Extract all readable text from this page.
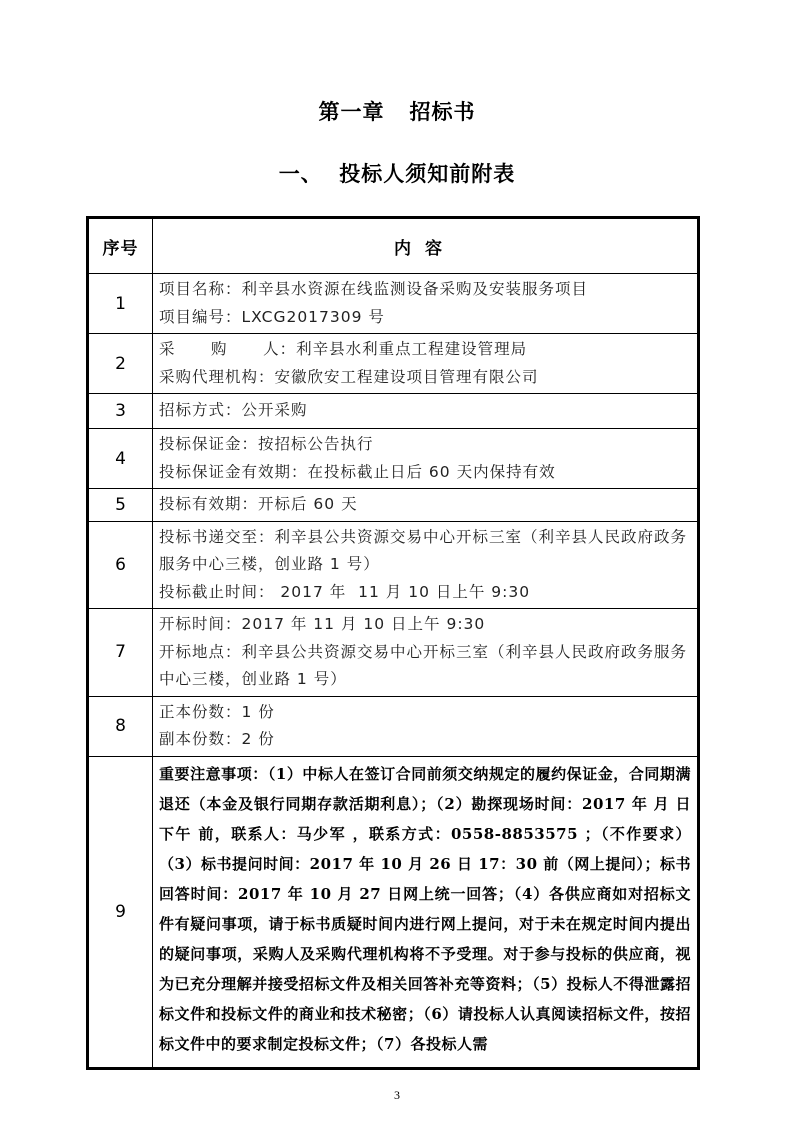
第一章   招标书
一、  投标人须知前附表
序号	内容
1	项目名称：利辛县水资源在线监测设备采购及安装服务项目
项目编号：LXCG2017309 号

2	采      购      人：利辛县水利重点工程建设管理局
采购代理机构：安徽欣安工程建设项目管理有限公司

3	招标方式：公开采购

4	投标保证金：按招标公告执行
投标保证金有效期：在投标截止日后 60 天内保持有效

5	投标有效期：开标后 60 天

6	投标书递交至：利辛县公共资源交易中心开标三室（利辛县人民政府政务服务中心三楼，创业路 1 号）
投标截止时间： 2017 年  11 月 10 日上午 9:30

7	开标时间：2017 年 11 月 10 日上午 9:30
开标地点：利辛县公共资源交易中心开标三室（利辛县人民政府政务服务中心三楼，创业路 1 号）

8	正本份数：1 份
副本份数：2 份

9	重要注意事项：（1）中标人在签订合同前须交纳规定的履约保证金，合同期满退还（本金及银行同期存款活期利息）；（2）勘探现场时间：2017 年 月 日下午 前，联系人：马少军 ，联系方式：0558-8853575 ；（不作要求）（3）标书提问时间：2017 年 10 月 26 日 17：30 前（网上提问）；标书回答时间：2017 年 10 月 27 日网上统一回答；（4）各供应商如对招标文件有疑问事项，请于标书质疑时间内进行网上提问，对于未在规定时间内提出的疑问事项，采购人及采购代理机构将不予受理。对于参与投标的供应商，视为已充分理解并接受招标文件及相关回答补充等资料；（5）投标人不得泄露招标文件和投标文件的商业和技术秘密；（6）请投标人认真阅读招标文件，按招标文件中的要求制定投标文件；（7）各投标人需
3
